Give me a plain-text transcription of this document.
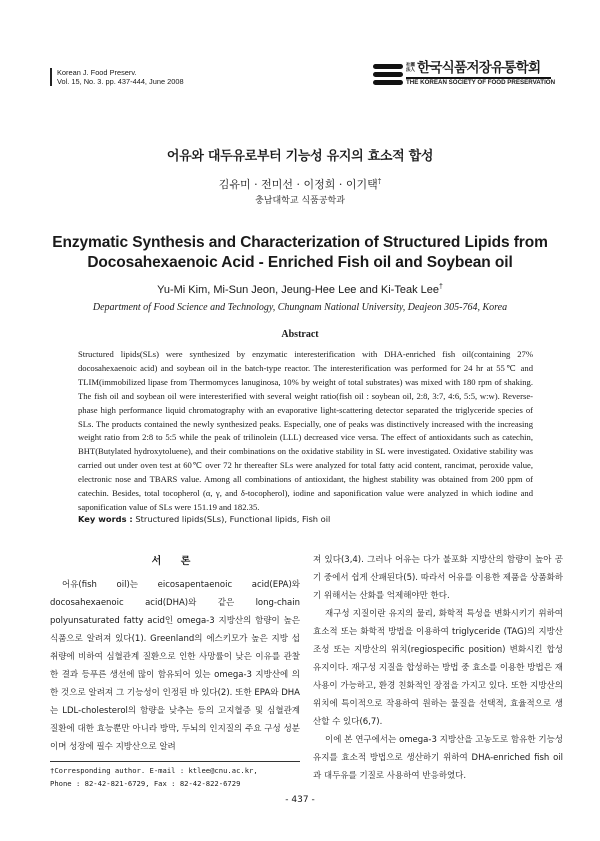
Korean J. Food Preserv.
Vol. 15, No. 3. pp. 437-444, June 2008
社團法人 한국식품저장유통학회
THE KOREAN SOCIETY OF FOOD PRESERVATION
어유와 대두유로부터 기능성 유지의 효소적 합성
김유미 · 전미선 · 이정희 · 이기택†
충남대학교 식품공학과
Enzymatic Synthesis and Characterization of Structured Lipids from
Docosahexaenoic Acid - Enriched Fish oil and Soybean oil
Yu-Mi Kim, Mi-Sun Jeon, Jeung-Hee Lee and Ki-Teak Lee†
Department of Food Science and Technology, Chungnam National University, Deajeon 305-764, Korea
Abstract
Structured lipids(SLs) were synthesized by enzymatic interesterification with DHA-enriched fish oil(containing 27% docosahexaenoic acid) and soybean oil in the batch-type reactor. The interesterification was performed for 24 hr at 55℃ and TLIM(immobilized lipase from Thermomyces lanuginosa, 10% by weight of total substrates) was mixed with 180 rpm of shaking. The fish oil and soybean oil were interesterified with several weight ratio(fish oil : soybean oil, 2:8, 3:7, 4:6, 5:5, w:w). Reverse-phase high performance liquid chromatography with an evaporative light-scattering detector separated the triglyceride species of SLs. The products contained the newly synthesized peaks. Especially, one of peaks was distinctively increased with the increasing weight ratio from 2:8 to 5:5 while the peak of trilinolein (LLL) decreased vice versa. The effect of antioxidants such as catechin, BHT(Butylated hydroxytoluene), and their combinations on the oxidative stability in SL were investigated. Oxidative stability was carried out under oven test at 60℃ over 72 hr thereafter SLs were analyzed for total fatty acid content, rancimat, peroxide value, electronic nose and TBARS value. Among all combinations of antioxidant, the highest stability was obtained from 200 ppm of catechin. Besides, total tocopherol (α, γ, and δ-tocopherol), iodine and saponification value were analyzed in which iodine and saponification value of SLs were 151.19 and 182.35.
Key words : Structured lipids(SLs), Functional lipids, Fish oil
서 론
어유(fish oil)는 eicosapentaenoic acid(EPA)와 docosahexaenoic acid(DHA)와 같은 long-chain polyunsaturated fatty acid인 omega-3 지방산의 함량이 높은 식품으로 알려져 있다(1). Greenland의 에스키모가 높은 지방 섭취량에 비하여 심혈관계 질환으로 인한 사망률이 낮은 이유를 관찰한 결과 등푸른 생선에 많이 함유되어 있는 omega-3 지방산에 의한 것으로 알려져 그 기능성이 인정된 바 있다(2). 또한 EPA와 DHA는 LDL-cholesterol의 함량을 낮추는 등의 고지혈증 및 심혈관계 질환에 대한 효능뿐만 아니라 방막, 두뇌의 인지질의 주요 구성 성분이며 성장에 필수 지방산으로 알려

져 있다(3,4). 그러나 어유는 다가 불포화 지방산의 함량이 높아 공기 중에서 쉽게 산패된다(5). 따라서 어유를 이용한 제품을 상품화하기 위해서는 산화를 억제해야만 한다.

재구성 지질이란 유지의 물리, 화학적 특성을 변화시키기 위하여 효소적 또는 화학적 방법을 이용하여 triglyceride (TAG)의 지방산 조성 또는 지방산의 위치(regiospecific position) 변화시킨 합성 유지이다. 재구성 지질을 합성하는 방법 중 효소를 이용한 방법은 재사용이 가능하고, 환경 친화적인 장점을 가지고 있다. 또한 지방산의 위치에 특이적으로 작용하여 원하는 물질을 선택적, 효율적으로 생산할 수 있다(6,7).

이에 본 연구에서는 omega-3 지방산을 고농도로 함유한 기능성 유지를 효소적 방법으로 생산하기 위하여 DHA-enriched fish oil과 대두유를 기질로 사용하여 반응하였다.

†Corresponding author. E-mail : ktlee@cnu.ac.kr,
Phone : 82-42-821-6729, Fax : 82-42-822-6729
- 437 -
